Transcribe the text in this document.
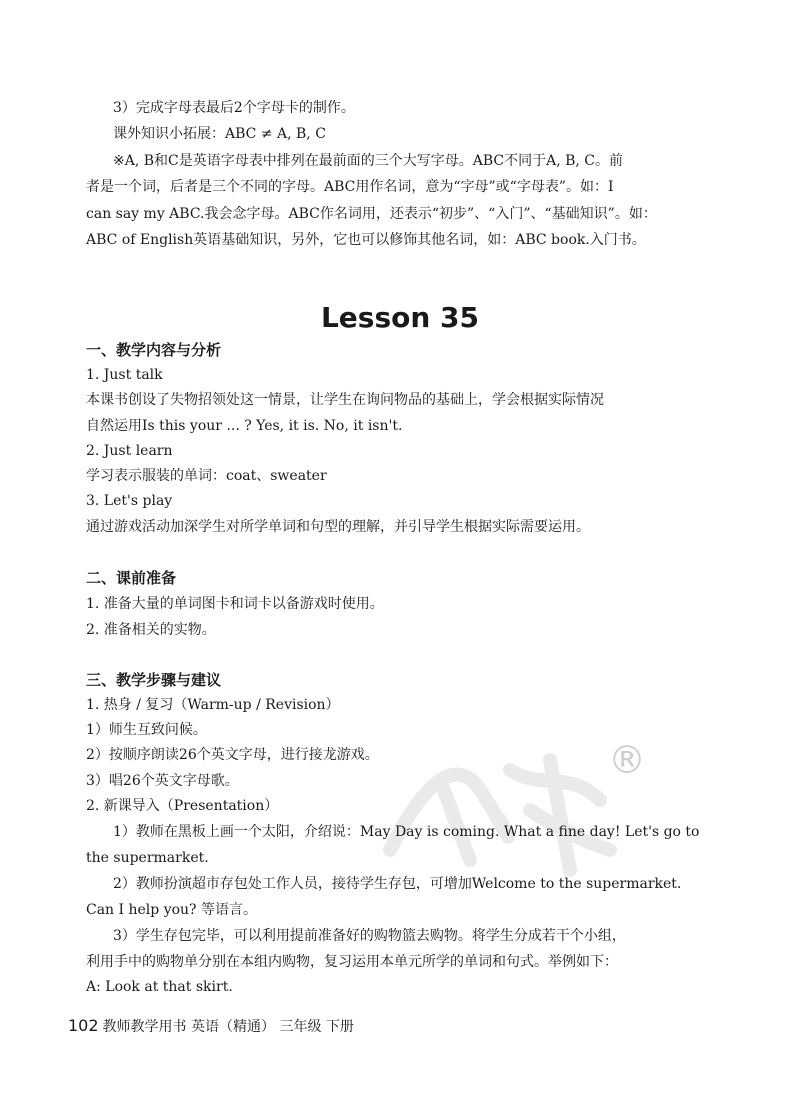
3）完成字母表最后2个字母卡的制作。
课外知识小拓展：ABC ≠ A, B, C
※A, B和C是英语字母表中排列在最前面的三个大写字母。ABC不同于A, B, C。前
者是一个词，后者是三个不同的字母。ABC用作名词，意为“字母”或“字母表”。如：I
can say my ABC.我会念字母。ABC作名词用，还表示“初步”、“入门”、“基础知识”。如：
ABC of English英语基础知识，另外，它也可以修饰其他名词，如：ABC book.入门书。
Lesson 35
一、教学内容与分析
1. Just talk
本课书创设了失物招领处这一情景，让学生在询问物品的基础上，学会根据实际情况
自然运用Is this your ... ? Yes, it is. No, it isn't.
2. Just learn
学习表示服装的单词：coat、sweater
3. Let's play
通过游戏活动加深学生对所学单词和句型的理解，并引导学生根据实际需要运用。
二、课前准备
1. 准备大量的单词图卡和词卡以备游戏时使用。
2. 准备相关的实物。
三、教学步骤与建议
1. 热身 / 复习（Warm-up / Revision）
1）师生互致问候。
2）按顺序朗读26个英文字母，进行接龙游戏。
3）唱26个英文字母歌。
2. 新课导入（Presentation）
1）教师在黑板上画一个太阳，介绍说：May Day is coming. What a fine day! Let's go to
the supermarket.
2）教师扮演超市存包处工作人员，接待学生存包，可增加Welcome to the supermarket.
Can I help you? 等语言。
3）学生存包完毕，可以利用提前准备好的购物篮去购物。将学生分成若干个小组，
利用手中的购物单分别在本组内购物，复习运用本单元所学的单词和句式。举例如下：
A: Look at that skirt.
®
102 教师教学用书 英语（精通） 三年级 下册
